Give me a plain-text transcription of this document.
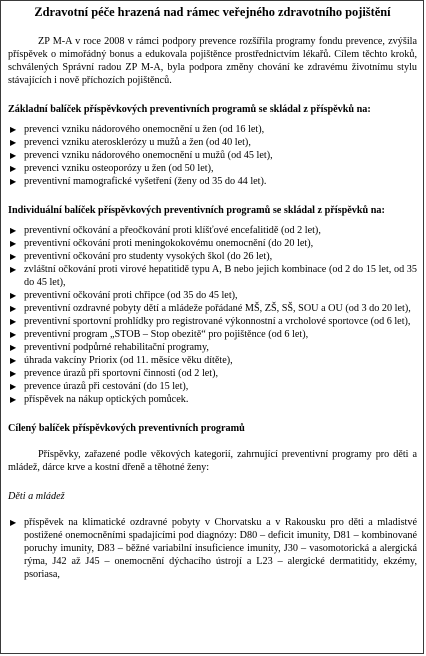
Zdravotní péče hrazená nad rámec veřejného zdravotního pojištění

ZP M-A v roce 2008 v rámci podpory prevence rozšířila programy fondu prevence, zvýšila příspěvek o mimořádný bonus a edukovala pojištěnce prostřednictvím lékařů. Cílem těchto kroků, schválených Správní radou ZP M-A, byla podpora změny chování ke zdravému životnímu stylu stávajících i nově příchozích pojištěnců.

Základní balíček příspěvkových preventivních programů se skládal z příspěvků na:

▶ prevenci vzniku nádorového onemocnění u žen (od 16 let),
▶ prevenci vzniku aterosklerózy u mužů a žen (od 40 let),
▶ prevenci vzniku nádorového onemocnění u mužů (od 45 let),
▶ prevenci vzniku osteoporózy u žen (od 50 let),
▶ preventivní mamografické vyšetření (ženy od 35 do 44 let).

Individuální balíček příspěvkových preventivních programů se skládal z příspěvků na:

▶ preventivní očkování a přeočkování proti klíšťové encefalitidě (od 2 let),
▶ preventivní očkování proti meningokokovému onemocnění (do 20 let),
▶ preventivní očkování pro studenty vysokých škol (do 26 let),
▶ zvláštní očkování proti virové hepatitidě typu A, B nebo jejich kombinace (od 2 do 15 let, od 35 do 45 let),
▶ preventivní očkování proti chřipce (od 35 do 45 let),
▶ preventivní ozdravné pobyty dětí a mládeže pořádané MŠ, ZŠ, SŠ, SOU a OU (od 3 do 20 let),
▶ preventivní sportovní prohlídky pro registrované výkonnostní a vrcholové sportovce (od 6 let),
▶ preventivní program „STOB – Stop obezitě“ pro pojištěnce (od 6 let),
▶ preventivní podpůrné rehabilitační programy,
▶ úhrada vakcíny Priorix (od 11. měsíce věku dítěte),
▶ prevence úrazů při sportovní činnosti (od 2 let),
▶ prevence úrazů při cestování (do 15 let),
▶ příspěvek na nákup optických pomůcek.

Cílený balíček příspěvkových preventivních programů

Příspěvky, zařazené podle věkových kategorií, zahrnující preventivní programy pro děti a mládež, dárce krve a kostní dřeně a těhotné ženy:

Děti a mládež

▶ příspěvek na klimatické ozdravné pobyty v Chorvatsku a v Rakousku pro děti a mladistvé postižené onemocněními spadajícími pod diagnózy: D80 – deficit imunity, D81 – kombinované poruchy imunity, D83 – běžné variabilní insuficience imunity, J30 – vasomotorická a alergická rýma, J42 až J45 – onemocnění dýchacího ústrojí a L23 – alergické dermatitidy, ekzémy, psoriasa,
